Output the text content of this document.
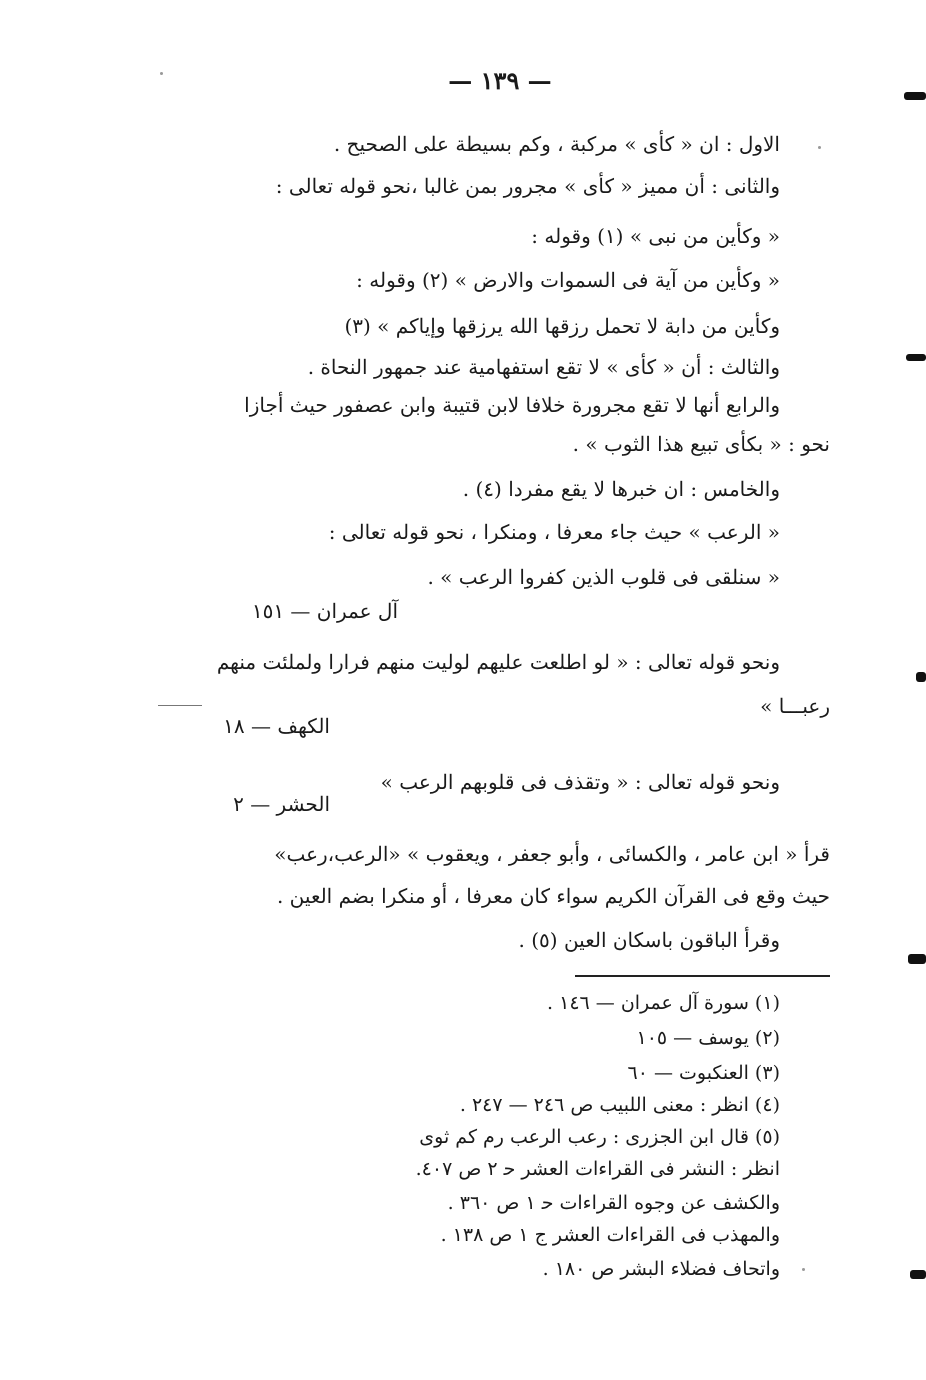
— ١٣٩ —
الاول : ان « كأى » مركبة ، وكم بسيطة على الصحيح .
والثانى : أن مميز « كأى » مجرور بمن غالبا ،نحو قوله تعالى :
« وكأين من نبى » (١) وقوله :
« وكأين من آية فى السموات والارض » (٢) وقوله :
وكأين من دابة لا تحمل رزقها الله يرزقها وإياكم » (٣)
والثالث : أن « كأى » لا تقع استفهامية عند جمهور النحاة .
والرابع أنها لا تقع مجرورة خلافا لابن قتيبة وابن عصفور حيث أجازا
نحو : « بكأى تبيع هذا الثوب » .
والخامس : ان خبرها لا يقع مفردا (٤) .
« الرعب » حيث جاء معرفا ، ومنكرا ، نحو قوله تعالى :
« سنلقى فى قلوب الذين كفروا الرعب » .
آل عمران — ١٥١
ونحو قوله تعالى : « لو اطلعت عليهم لوليت منهم فرارا ولملئت منهم
رعبـــا »
الكهف — ١٨
ونحو قوله تعالى : « وتقذف فى قلوبهم الرعب »
الحشر — ٢
قرأ « ابن عامر ، والكسائى ، وأبو جعفر ، ويعقوب » «الرعب،رعب»
حيث وقع فى القرآن الكريم سواء كان معرفا ، أو منكرا بضم العين .
وقرأ الباقون باسكان العين (٥) .
(١) سورة آل عمران — ١٤٦ .
(٢) يوسف — ١٠٥
(٣) العنكبوت — ٦٠
(٤) انظر : معنى اللبيب ص ٢٤٦ — ٢٤٧ .
(٥) قال ابن الجزرى : رعب الرعب رم كم ثوى
انظر : النشر فى القراءات العشر ﺣ ٢ ص ٤٠٧.
والكشف عن وجوه القراءات ﺣ ١ ص ٣٦٠ .
والمهذب فى القراءات العشر ج ١ ص ١٣٨ .
واتحاف فضلاء البشر ص ١٨٠ .
